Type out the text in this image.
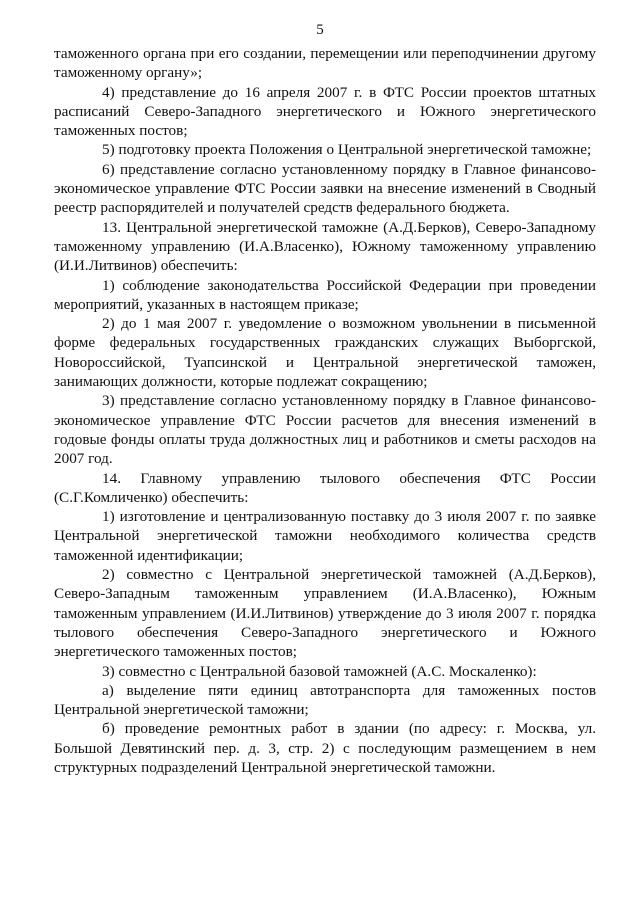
5

таможенного органа при его создании, перемещении или переподчинении другому таможенному органу»;

4) представление до 16 апреля 2007 г. в ФТС России проектов штатных расписаний Северо-Западного энергетического и Южного энергетического таможенных постов;

5) подготовку проекта Положения о Центральной энергетической таможне;

6) представление согласно установленному порядку в Главное финансово-экономическое управление ФТС России заявки на внесение изменений в Сводный реестр распорядителей и получателей средств федерального бюджета.

13. Центральной энергетической таможне (А.Д.Берков), Северо-Западному таможенному управлению (И.А.Власенко), Южному таможенному управлению (И.И.Литвинов) обеспечить:

1) соблюдение законодательства Российской Федерации при проведении мероприятий, указанных в настоящем приказе;

2) до 1 мая 2007 г. уведомление о возможном увольнении в письменной форме федеральных государственных гражданских служащих Выборгской, Новороссийской, Туапсинской и Центральной энергетической таможен, занимающих должности, которые подлежат сокращению;

3) представление согласно установленному порядку в Главное финансово-экономическое управление ФТС России расчетов для внесения изменений в годовые фонды оплаты труда должностных лиц и работников и сметы расходов на 2007 год.

14. Главному управлению тылового обеспечения ФТС России (С.Г.Комличенко) обеспечить:

1) изготовление и централизованную поставку до 3 июля 2007 г. по заявке Центральной энергетической таможни необходимого количества средств таможенной идентификации;

2) совместно с Центральной энергетической таможней (А.Д.Берков), Северо-Западным таможенным управлением (И.А.Власенко), Южным таможенным управлением (И.И.Литвинов) утверждение до 3 июля 2007 г. порядка тылового обеспечения Северо-Западного энергетического и Южного энергетического таможенных постов;

3) совместно с Центральной базовой таможней (А.С. Москаленко):

а) выделение пяти единиц автотранспорта для таможенных постов Центральной энергетической таможни;

б) проведение ремонтных работ в здании (по адресу: г. Москва, ул. Большой Девятинский пер. д. 3, стр. 2) с последующим размещением в нем структурных подразделений Центральной энергетической таможни.
